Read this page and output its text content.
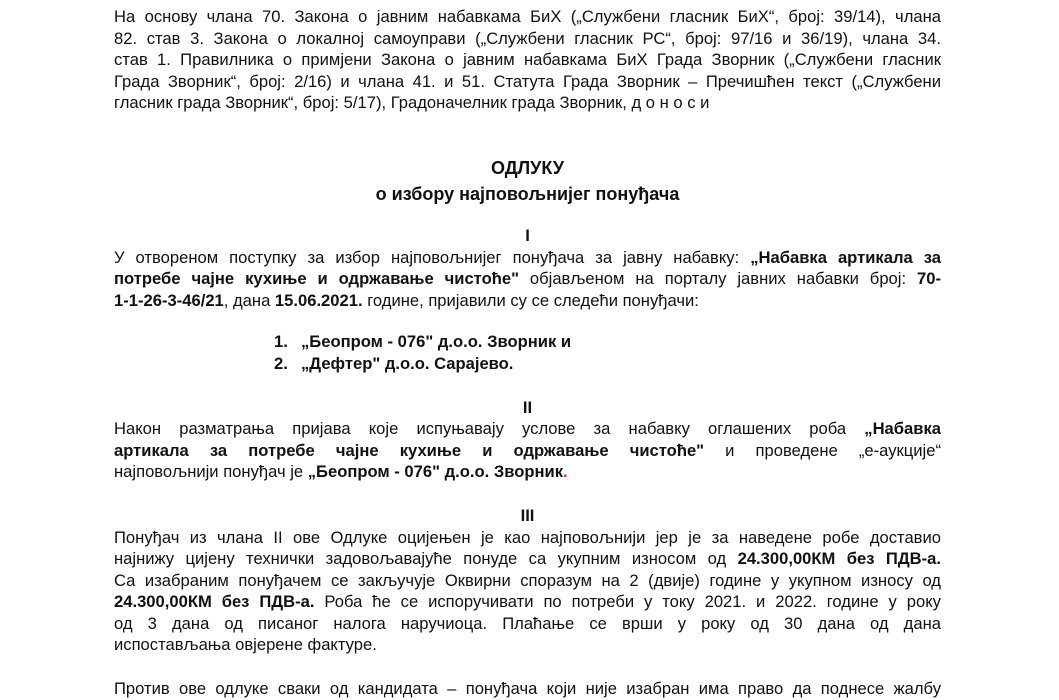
На основу члана 70. Закона о јавним набавкама БиХ („Службени гласник БиХ“, број: 39/14), члана
82. став 3. Закона о локалној самоуправи („Службени гласник РС“, број: 97/16 и 36/19), члана 34.
став 1. Правилника о примјени Закона о јавним набавкама БиХ Града Зворник („Службени гласник
Града Зворник“, број: 2/16) и члана 41. и 51. Статута Града Зворник – Пречишћен текст („Службени
гласник града Зворник“, број: 5/17), Градоначелник града Зворник, д о н о с и

ОДЛУКУ

о избору најповољнијег понуђача

I

У отвореном поступку за избор најповољнијег понуђача за јавну набавку: „Набавка артикала за
потребе чајне кухиње и одржавање чистоће" објављеном на порталу јавних набавки број: 70-
1-1-26-3-46/21, дана 15.06.2021. године, пријавили су се следећи понуђачи:
1. „Беопром - 076" д.о.о. Зворник и
2. „Дефтер" д.о.о. Сарајево.

II

Након разматрања пријава које испуњавају услове за набавку оглашених роба „Набавка
артикала за потребе чајне кухиње и одржавање чистоће" и проведене „е-аукције“
најповољнији понуђач је „Беопром - 076" д.о.о. Зворник.

III

Понуђач из члана II ове Одлуке оцијењен је као најповољнији јер је за наведене робе доставио
најнижу цијену технички задовољавајуће понуде са укупним износом од 24.300,00КМ без ПДВ-а.
Са изабраним понуђачем се закључује Оквирни споразум на 2 (двије) године у укупном износу од
24.300,00КМ без ПДВ-а. Роба ће се испоручивати по потреби у току 2021. и 2022. године у року
од 3 дана од писаног налога наручиоца. Плаћање се врши у року од 30 дана од дана
испостављања овјерене фактуре.
Против ове одлуке сваки од кандидата – понуђача који није изабран има право да поднесе жалбу
